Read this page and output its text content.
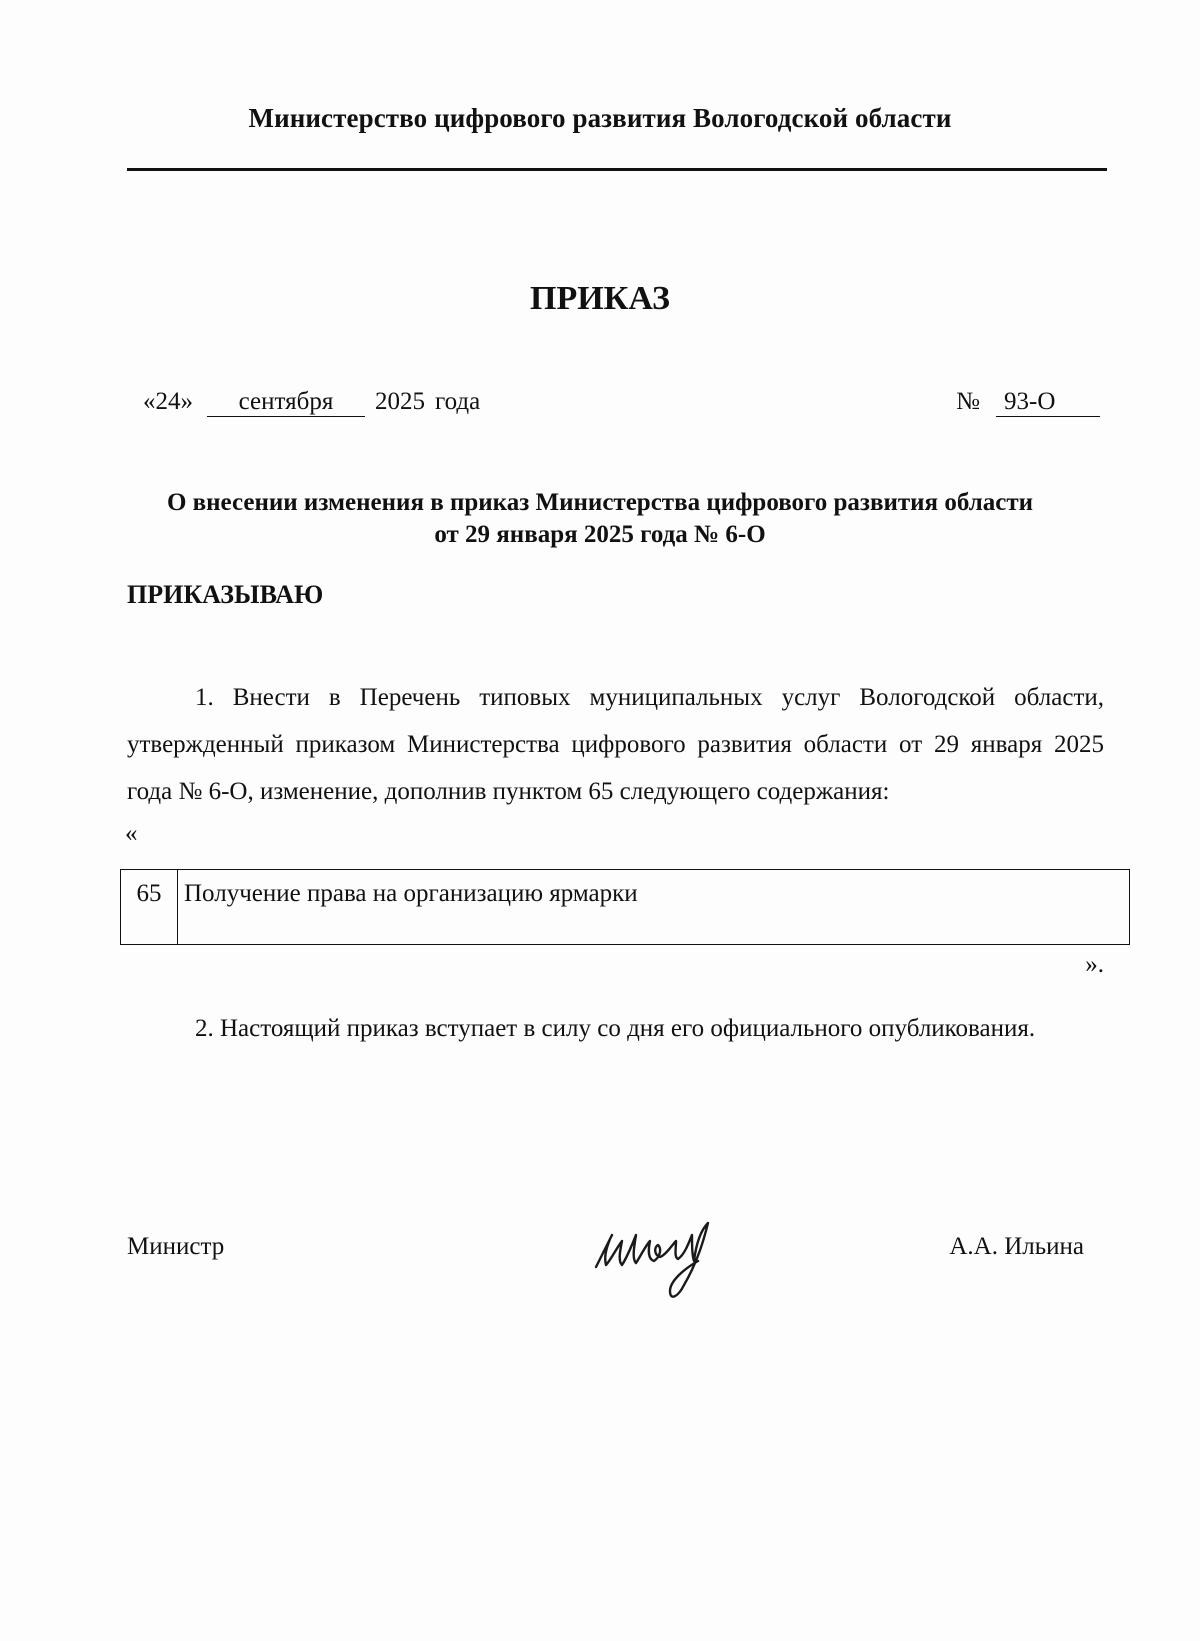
Министерство цифрового развития Вологодской области
ПРИКАЗ
«24» сентября 2025 года	№ 93-О
О внесении изменения в приказ Министерства цифрового развития области
от 29 января 2025 года № 6-О
ПРИКАЗЫВАЮ
1. Внести в Перечень типовых муниципальных услуг Вологодской области, утвержденный приказом Министерства цифрового развития области от 29 января 2025 года № 6-О, изменение, дополнив пунктом 65 следующего содержания:
«
65	Получение права на организацию ярмарки
».
2. Настоящий приказ вступает в силу со дня его официального опубликования.
Министр	А.А. Ильина
